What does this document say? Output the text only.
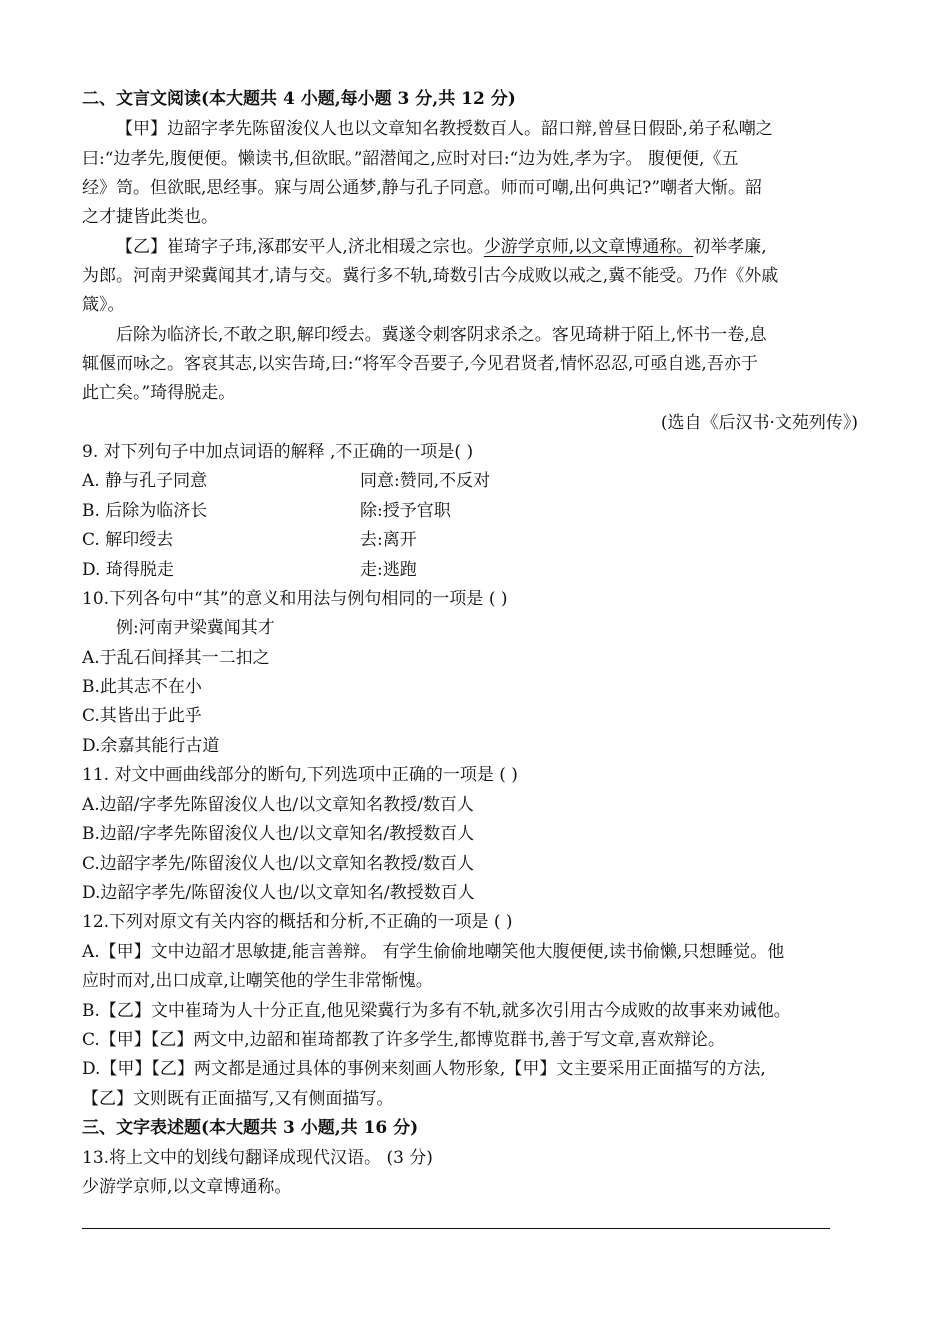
二、文言文阅读(本大题共 4 小题,每小题 3 分,共 12 分)
【甲】边韶字孝先陈留浚仪人也以文章知名教授数百人。韶口辩,曾昼日假卧,弟子私嘲之
曰:“边孝先,腹便便。懒读书,但欲眠。”韶潜闻之,应时对曰:“边为姓,孝为字。 腹便便,《五
经》笥。但欲眠,思经事。寐与周公通梦,静与孔子同意。师而可嘲,出何典记?”嘲者大惭。韶
之才捷皆此类也。
【乙】崔琦字子玮,涿郡安平人,济北相瑗之宗也。少游学京师,以文章博通称。初举孝廉,
为郎。河南尹梁冀闻其才,请与交。冀行多不轨,琦数引古今成败以戒之,冀不能受。乃作《外戚
箴》。
后除为临济长,不敢之职,解印绶去。冀遂令刺客阴求杀之。客见琦耕于陌上,怀书一卷,息
辄偃而咏之。客哀其志,以实告琦,曰:“将军令吾要子,今见君贤者,情怀忍忍,可亟自逃,吾亦于
此亡矣。”琦得脱走。
(选自《后汉书·文苑列传》)
9. 对下列句子中加点词语的解释 ,不正确的一项是( )
A. 静与孔子同意	同意:赞同,不反对
B. 后除为临济长	除:授予官职
C. 解印绶去	去:离开
D. 琦得脱走	走:逃跑
10.下列各句中“其”的意义和用法与例句相同的一项是 ( )
例:河南尹梁冀闻其才
A.于乱石间择其一二扣之
B.此其志不在小
C.其皆出于此乎
D.余嘉其能行古道
11. 对文中画曲线部分的断句,下列选项中正确的一项是 ( )
A.边韶/字孝先陈留浚仪人也/以文章知名教授/数百人
B.边韶/字孝先陈留浚仪人也/以文章知名/教授数百人
C.边韶字孝先/陈留浚仪人也/以文章知名教授/数百人
D.边韶字孝先/陈留浚仪人也/以文章知名/教授数百人
12.下列对原文有关内容的概括和分析,不正确的一项是 ( )
A.【甲】文中边韶才思敏捷,能言善辩。 有学生偷偷地嘲笑他大腹便便,读书偷懒,只想睡觉。他
应时而对,出口成章,让嘲笑他的学生非常惭愧。
B.【乙】文中崔琦为人十分正直,他见梁冀行为多有不轨,就多次引用古今成败的故事来劝诫他。
C.【甲】【乙】两文中,边韶和崔琦都教了许多学生,都博览群书,善于写文章,喜欢辩论。
D.【甲】【乙】两文都是通过具体的事例来刻画人物形象,【甲】文主要采用正面描写的方法,
【乙】文则既有正面描写,又有侧面描写。
三、文字表述题(本大题共 3 小题,共 16 分)
13.将上文中的划线句翻译成现代汉语。 (3 分)
少游学京师,以文章博通称。
